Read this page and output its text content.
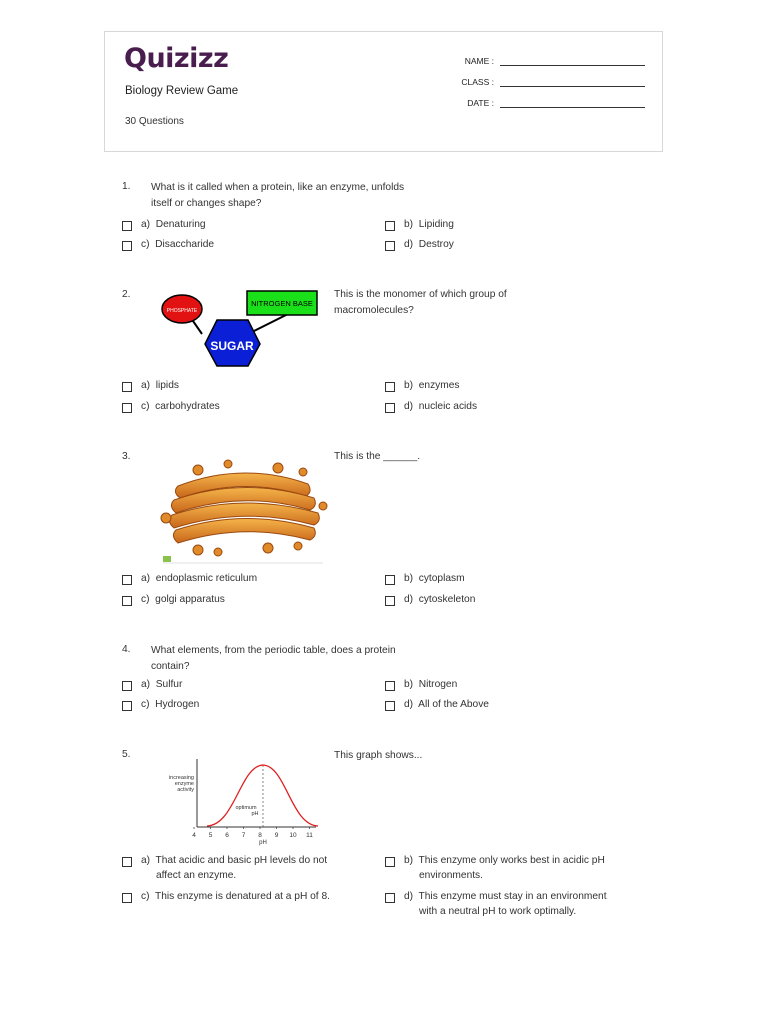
Quizizz
Biology Review Game
30 Questions
NAME :
CLASS :
DATE :
1. What is it called when a protein, like an enzyme, unfolds
itself or changes shape?
a) Denaturing	b) Lipiding
c) Disaccharide	d) Destroy
2.
SUGAR
PHOSPHATE
NITROGEN BASE
This is the monomer of which group of
macromolecules?
a) lipids	b) enzymes
c) carbohydrates	d) nucleic acids
3.	This is the ______.
a) endoplasmic reticulum	b) cytoplasm
c) golgi apparatus	d) cytoskeleton
4. What elements, from the periodic table, does a protein
contain?
a) Sulfur	b) Nitrogen
c) Hydrogen	d) All of the Above
5.
increasing
enzyme
activity
optimum
pH
4 5 6 7 8 9 10 11
pH
This graph shows...
a) That acidic and basic pH levels do not
affect an enzyme.
b) This enzyme only works best in acidic pH
environments.
c) This enzyme is denatured at a pH of 8.	d) This enzyme must stay in an environment
with a neutral pH to work optimally.
